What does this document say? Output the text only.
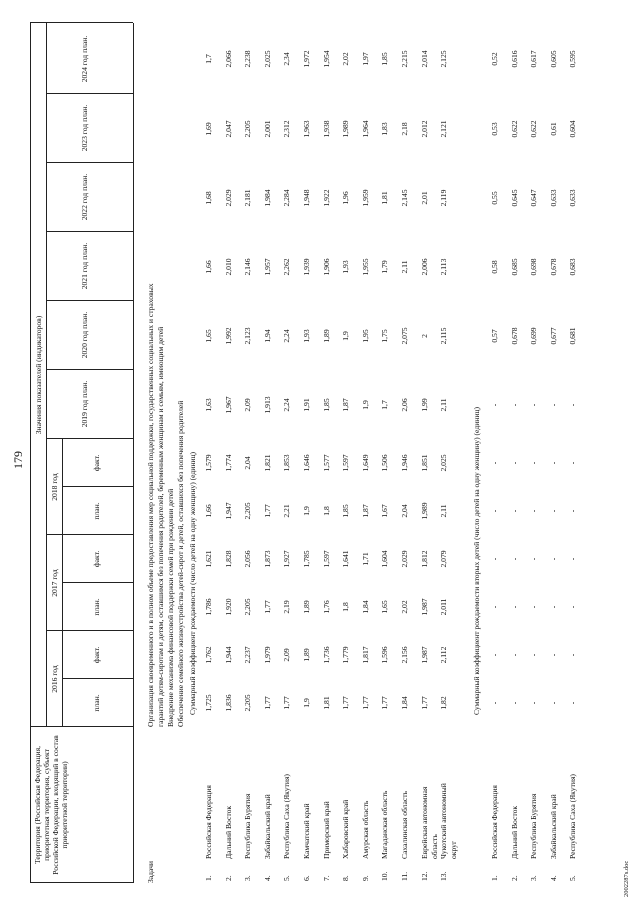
179
Территория (Российская Федерация, приоритетная территория, субъект Российской Федерации, входящий в состав приоритетной территории)
Значения показателей (индикаторов)
2016 год
2017 год
2018 год
план.
факт.
план.
факт.
план.
факт.
2019 год план.
2020 год план.
2021 год план.
2022 год план.
2023 год план.
2024 год план.
Задачи
Организация своевременного и в полном объеме предоставления мер социальной поддержки, государственных социальных и страховых гарантий детям-сиротам и детям, оставшимся без попечения родителей, беременным женщинам и семьям, имеющим детей Внедрение механизма финансовой поддержки семей при рождении детей Обеспечение семейного жизнеустройства детей-сирот и детей, оставшихся без попечения родителей Суммарный коэффициент рождаемости (число детей на одну женщину) (единиц)
1.
Российская Федерация
1,725
1,762
1,786
1,621
1,66
1,579
1,63
1,65
1,66
1,68
1,69
1,7
2.
Дальний Восток
1,836
1,944
1,920
1,828
1,947
1,774
1,967
1,992
2,010
2,029
2,047
2,066
3.
Республика Бурятия
2,205
2,237
2,205
2,056
2,205
2,04
2,09
2,123
2,146
2,181
2,205
2,238
4.
Забайкальский край
1,77
1,979
1,77
1,873
1,77
1,821
1,913
1,94
1,957
1,984
2,001
2,025
5.
Республика Саха (Якутия)
1,77
2,09
2,19
1,927
2,21
1,853
2,24
2,24
2,262
2,284
2,312
2,34
6.
Камчатский край
1,9
1,89
1,89
1,785
1,9
1,646
1,91
1,93
1,939
1,948
1,963
1,972
7.
Приморский край
1,81
1,736
1,76
1,597
1,8
1,577
1,85
1,89
1,906
1,922
1,938
1,954
8.
Хабаровский край
1,77
1,779
1,8
1,641
1,85
1,597
1,87
1,9
1,93
1,96
1,989
2,02
9.
Амурская область
1,77
1,817
1,84
1,71
1,87
1,649
1,9
1,95
1,955
1,959
1,964
1,97
10.
Магаданская область
1,77
1,596
1,65
1,604
1,67
1,506
1,7
1,75
1,79
1,81
1,83
1,85
11.
Сахалинская область
1,84
2,156
2,02
2,029
2,04
1,946
2,06
2,075
2,11
2,145
2,18
2,215
12.
Еврейская автономная область
1,77
1,987
1,987
1,812
1,989
1,851
1,99
2
2,006
2,01
2,012
2,014
13.
Чукотский автономный округ
1,82
2,112
2,011
2,079
2,11
2,025
2,11
2,115
2,113
2,119
2,121
2,125
Суммарный коэффициент рождаемости вторых детей (число детей на одну женщину) (единиц)
1.
Российская Федерация
-
-
-
-
-
-
-
0,57
0,58
0,55
0,53
0,52
2.
Дальний Восток
-
-
-
-
-
-
-
0,678
0,685
0,645
0,622
0,616
3.
Республика Бурятия
-
-
-
-
-
-
-
0,699
0,698
0,647
0,622
0,617
4.
Забайкальский край
-
-
-
-
-
-
-
0,677
0,678
0,633
0,61
0,605
5.
Республика Саха (Якутия)
-
-
-
-
-
-
-
0,681
0,683
0,633
0,604
0,595
2002287s.doc
